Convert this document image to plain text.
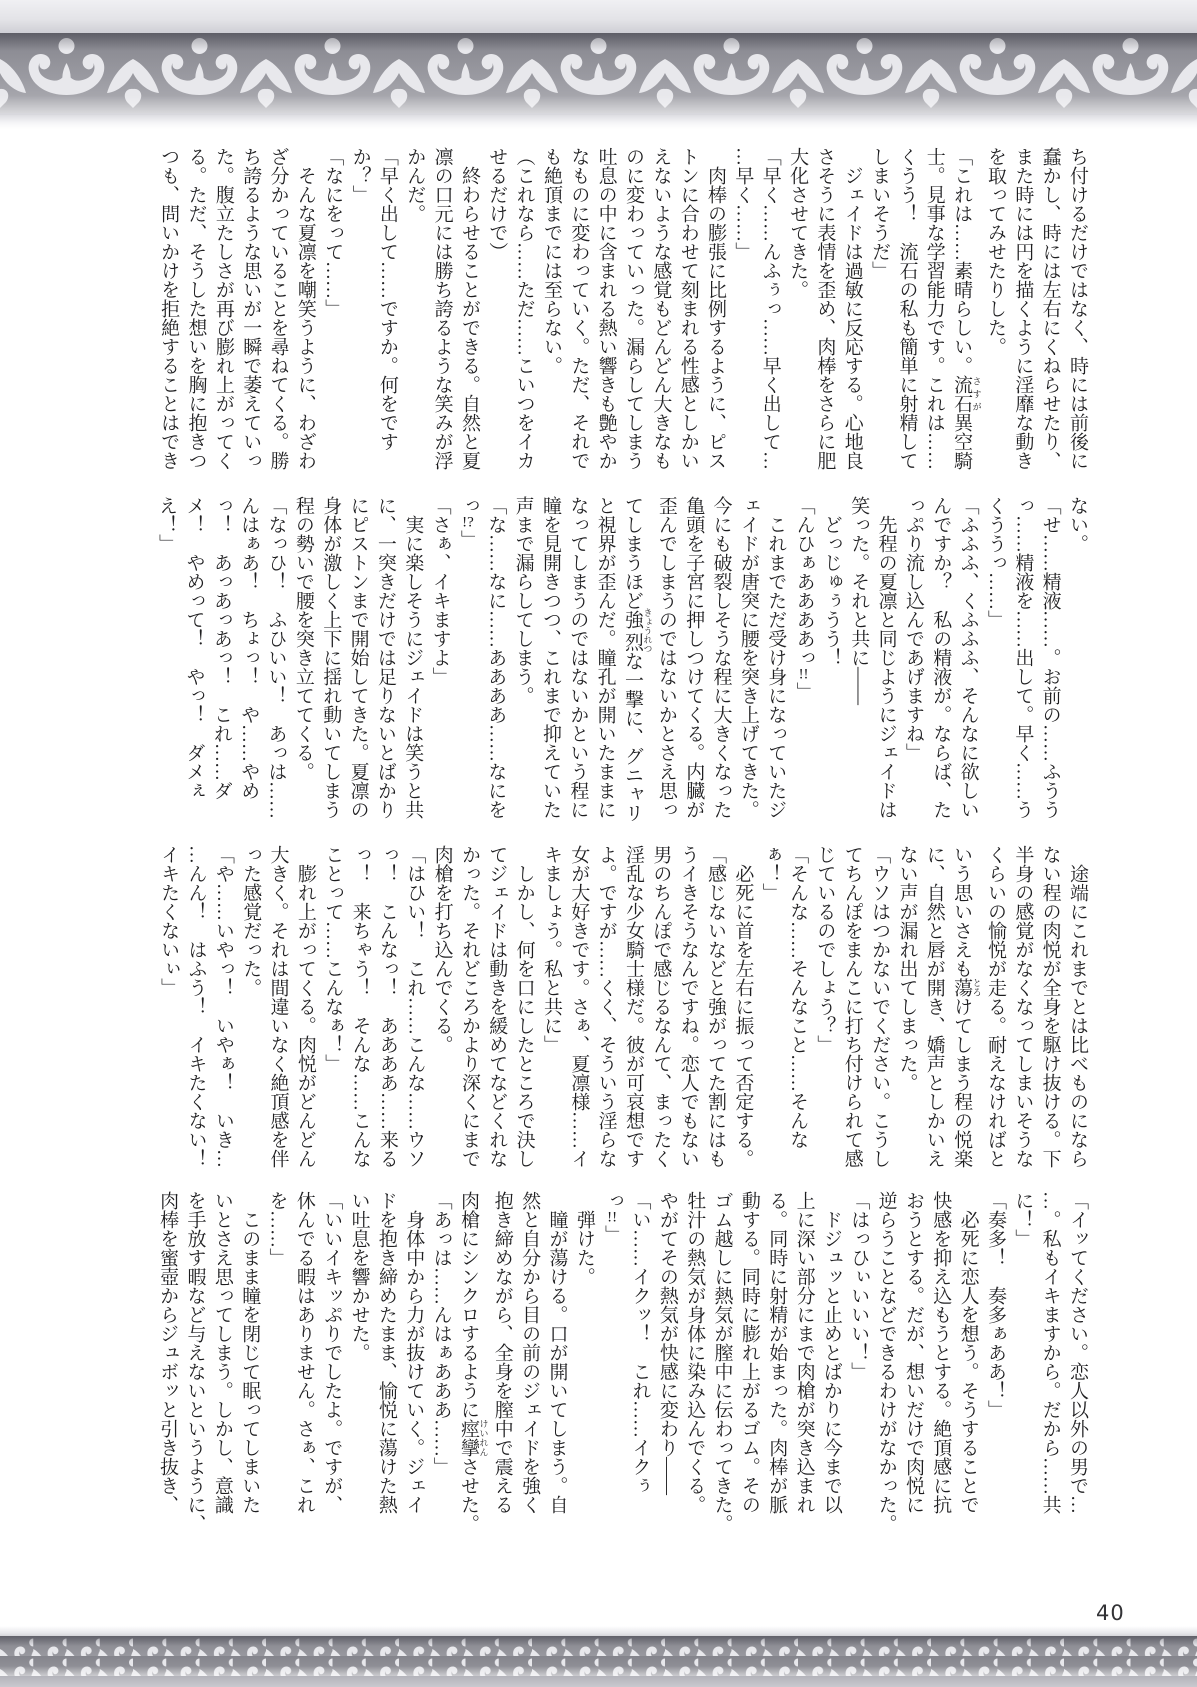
ち付けるだけではなく、時には前後に
蠢かし、時には左右にくねらせたり、
また時には円を描くように淫靡な動き
を取ってみせたりした。
「これは……素晴らしい。流石 さすが異空騎
士。見事な学習能力です。これは……
くうう！　流石の私も簡単に射精して
しまいそうだ」
　ジェイドは過敏に反応する。心地良
さそうに表情を歪め、肉棒をさらに肥
大化させてきた。
「早く……んふぅっ……早く出して…
…早く……」
　肉棒の膨張に比例するように、ピス
トンに合わせて刻まれる性感としかい
えないような感覚もどんどん大きなも
のに変わっていった。漏らしてしまう
吐息の中に含まれる熱い響きも艶やか
なものに変わっていく。ただ、それで
も絶頂までには至らない。
（これなら……ただ……こいつをイカ
せるだけで）
　終わらせることができる。自然と夏
凛の口元には勝ち誇るような笑みが浮
かんだ。
「早く出して……ですか。何をです
か？」
「なにをって……」
　そんな夏凛を嘲笑うように、わざわ
ざ分かっていることを尋ねてくる。勝
ち誇るような思いが一瞬で萎えていっ
た。腹立たしさが再び膨れ上がってく
る。ただ、そうした想いを胸に抱きつ
つも、問いかけを拒絶することはでき
ない。
「せ……精液……。お前の……ふうう
っ……精液を……出して。早く……う
くううっ……」
「ふふふ、くふふふ、そんなに欲しい
んですか？　私の精液が。ならば、た
っぷり流し込んであげますね」
　先程の夏凛と同じようにジェイドは
笑った。それと共に——
　どっじゅぅうう！
「んひぁああああっ!!」
　これまでただ受け身になっていたジ
ェイドが唐突に腰を突き上げてきた。
今にも破裂しそうな程に大きくなった
亀頭を子宮に押しつけてくる。内臓が
歪んでしまうのではないかとさえ思っ
てしまうほど強烈 きょうれつな一撃に、グニャリ
と視界が歪んだ。瞳孔が開いたままに
なってしまうのではないかという程に
瞳を見開きつつ、これまで抑えていた
声まで漏らしてしまう。
「な……なに……ああああ……なにを
っ!?」
「さぁ、イキますよ」
　実に楽しそうにジェイドは笑うと共
に、一突きだけでは足りないとばかり
にピストンまで開始してきた。夏凛の
身体が激しく上下に揺れ動いてしまう
程の勢いで腰を突き立ててくる。
「なっひ！　ふひいい！　あっは……
んはぁあ！　ちょっ！　や……やめ
っ！　あっあっあっ！　これ……ダ
メ！　やめって！　やっ！　ダメぇ
え！」
　途端にこれまでとは比べものになら
ない程の肉悦が全身を駆け抜ける。下
半身の感覚がなくなってしまいそうな
くらいの愉悦が走る。耐えなければと
いう思いさえも蕩 とろけてしまう程の悦楽
に、自然と唇が開き、嬌声としかいえ
ない声が漏れ出てしまった。
「ウソはつかないでください。こうし
てちんぽをまんこに打ち付けられて感
じているのでしょう？」
「そんな……そんなこと……そんな
ぁ！」
　必死に首を左右に振って否定する。
「感じないなどと強がってた割にはも
うイきそうなんですね。恋人でもない
男のちんぽで感じるなんて、まったく
淫乱な少女騎士様だ。彼が可哀想です
よ。ですが……くく、そういう淫らな
女が大好きです。さぁ、夏凛様……イ
キましょう。私と共に」
　しかし、何を口にしたところで決し
てジェイドは動きを緩めてなどくれな
かった。それどころかより深くにまで
肉槍を打ち込んでくる。
「はひい！　これ……こんな……ウソ
っ！　こんなっ！　ああああ……来る
っ！　来ちゃう！　そんな……こんな
ことって……こんなぁ！」
　膨れ上がってくる。肉悦がどんどん
大きく。それは間違いなく絶頂感を伴
った感覚だった。
「や……いやっ！　いやぁ！　いき…
…んん！　はふう！　イキたくない！
イキたくないぃ」
「イッてください。恋人以外の男で…
…。私もイキますから。だから……共
に！」
「奏多！　奏多ぁああ！」
　必死に恋人を想う。そうすることで
快感を抑え込もうとする。絶頂感に抗
おうとする。だが、想いだけで肉悦に
逆らうことなどできるわけがなかった。
「はっひぃいいい！」
　ドジュッと止めとばかりに今まで以
上に深い部分にまで肉槍が突き込まれ
る。同時に射精が始まった。肉棒が脈
動する。同時に膨れ上がるゴム。その
ゴム越しに熱気が膣中に伝わってきた。
牡汁の熱気が身体に染み込んでくる。
やがてその熱気が快感に変わり——
「い……イクッ！　これ……イクぅ
っ!!」
　弾けた。
　瞳が蕩ける。口が開いてしまう。自
然と自分から目の前のジェイドを強く
抱き締めながら、全身を膣中で震える
肉槍にシンクロするように痙攣 けいれんさせた。
「あっは……んはぁあああ……」
　身体中から力が抜けていく。ジェイ
ドを抱き締めたまま、愉悦に蕩けた熱
い吐息を響かせた。
「いいイキッぷりでしたよ。ですが、
休んでる暇はありません。さぁ、これ
を……」
　このまま瞳を閉じて眠ってしまいた
いとさえ思ってしまう。しかし、意識
を手放す暇など与えないというように、
肉棒を蜜壺からジュボッと引き抜き、
40
